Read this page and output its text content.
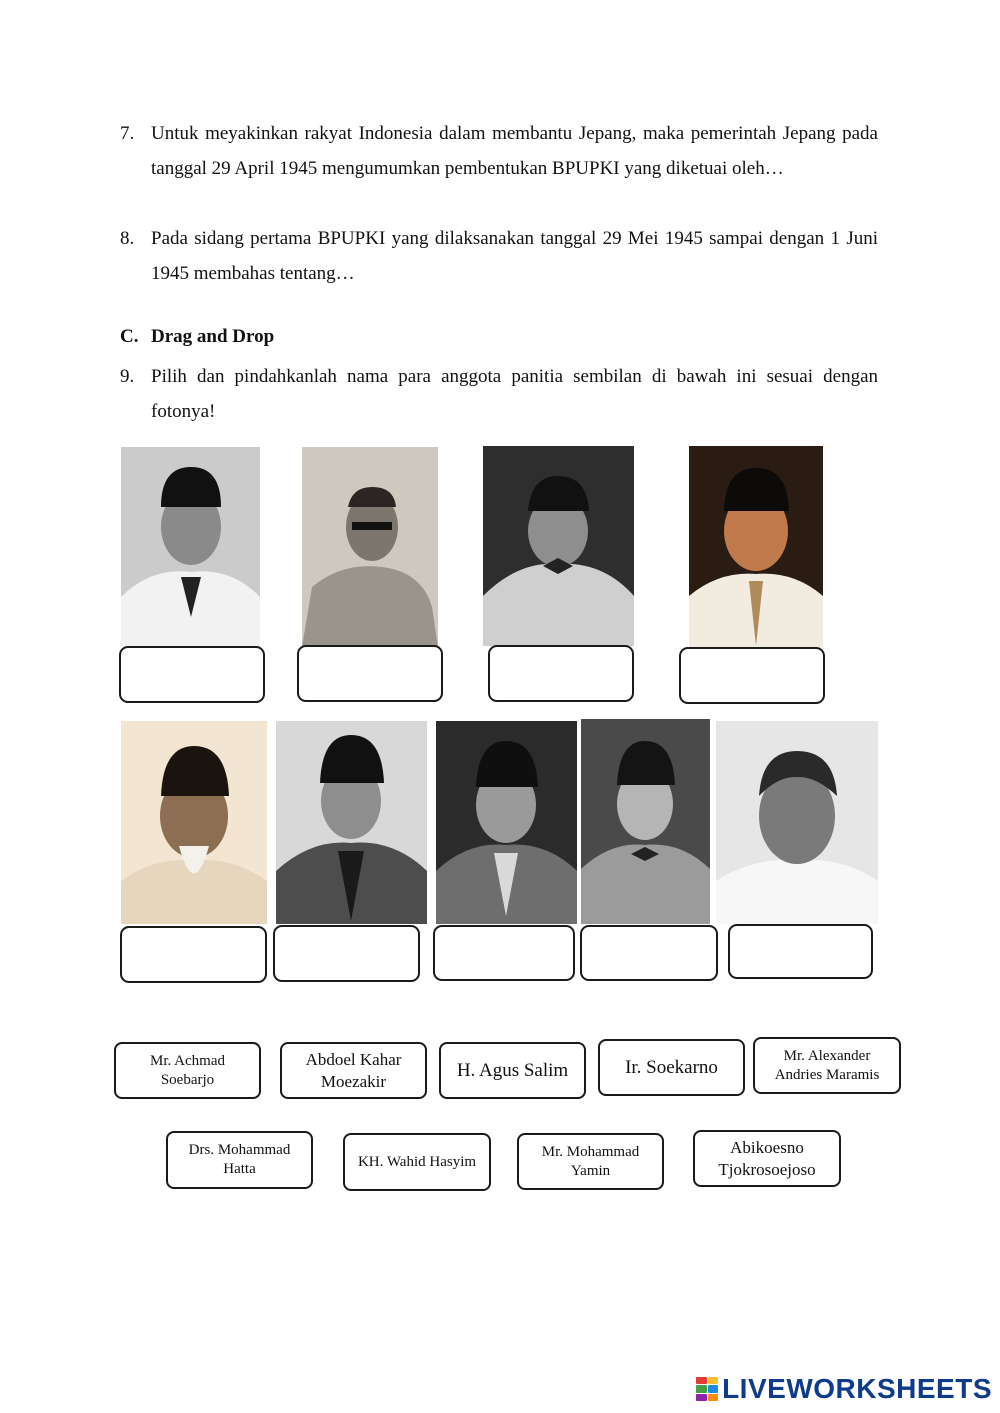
7. Untuk meyakinkan rakyat Indonesia dalam membantu Jepang, maka pemerintah Jepang pada tanggal 29 April 1945 mengumumkan pembentukan BPUPKI yang diketuai oleh…
8. Pada sidang pertama BPUPKI yang dilaksanakan tanggal 29 Mei 1945 sampai dengan 1 Juni 1945 membahas tentang…
C. Drag and Drop
9. Pilih dan pindahkanlah nama para anggota panitia sembilan di bawah ini sesuai dengan fotonya!
Mr. Achmad Soebarjo
Abdoel Kahar Moezakir
H. Agus Salim	Ir. Soekarno
Mr. Alexander Andries Maramis
Drs. Mohammad Hatta	KH. Wahid Hasyim
Mr. Mohammad Yamin
Abikoesno Tjokrosoejoso
LIVEWORKSHEETS
